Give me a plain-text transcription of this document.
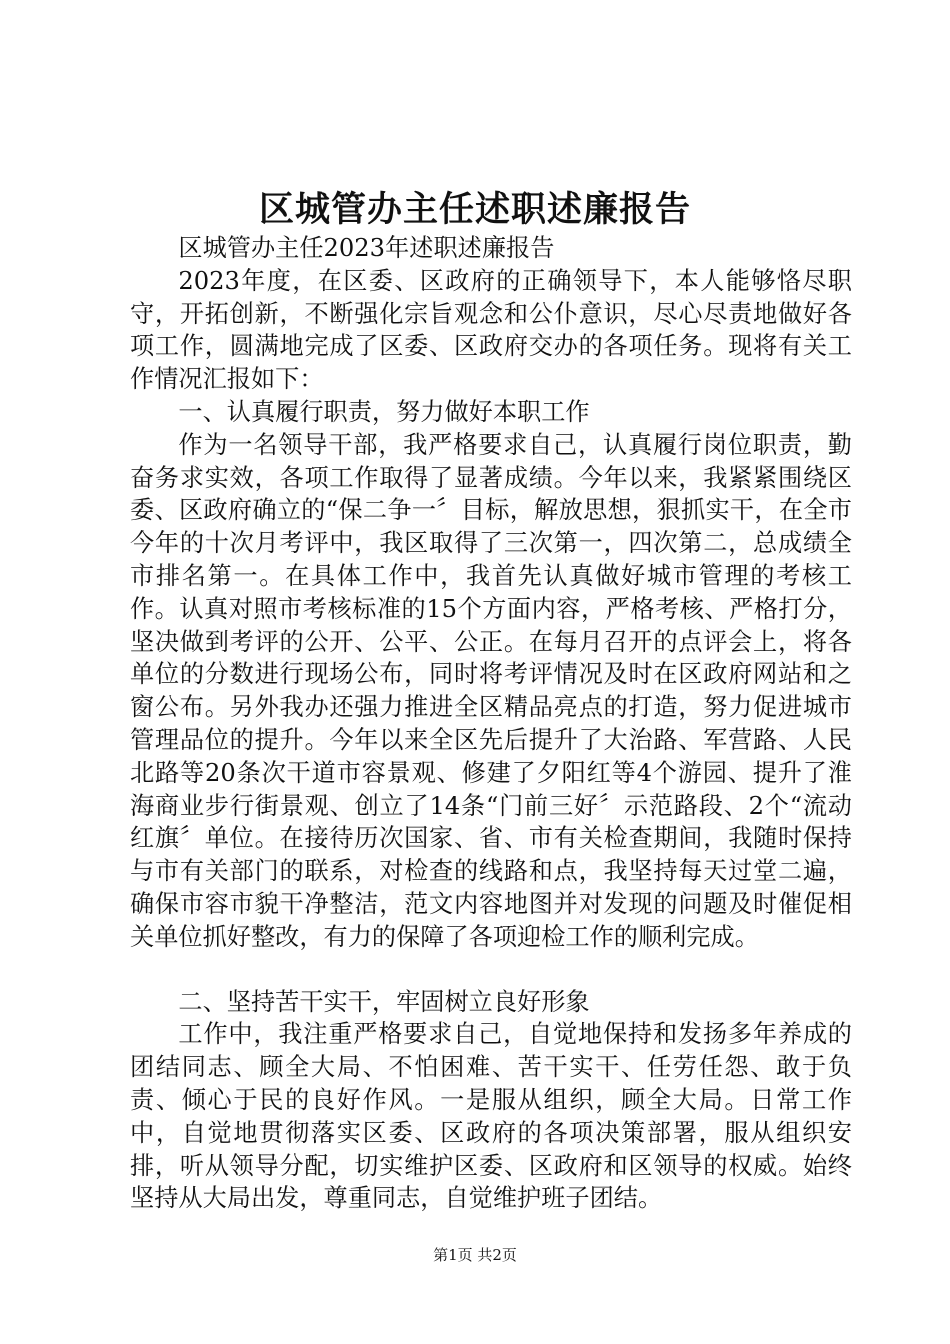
区城管办主任述职述廉报告

区城管办主任2023年述职述廉报告

2023年度，在区委、区政府的正确领导下，本人能够恪尽职守，开拓创新，不断强化宗旨观念和公仆意识，尽心尽责地做好各项工作，圆满地完成了区委、区政府交办的各项任务。现将有关工作情况汇报如下：

一、认真履行职责，努力做好本职工作

作为一名领导干部，我严格要求自己，认真履行岗位职责，勤奋务求实效，各项工作取得了显著成绩。今年以来，我紧紧围绕区委、区政府确立的“保二争一〞目标，解放思想，狠抓实干，在全市今年的十次月考评中，我区取得了三次第一，四次第二，总成绩全市排名第一。在具体工作中，我首先认真做好城市管理的考核工作。认真对照市考核标准的15个方面内容，严格考核、严格打分，坚决做到考评的公开、公平、公正。在每月召开的点评会上，将各单位的分数进行现场公布，同时将考评情况及时在区政府网站和之窗公布。另外我办还强力推进全区精品亮点的打造，努力促进城市管理品位的提升。今年以来全区先后提升了大治路、军营路、人民北路等20条次干道市容景观、修建了夕阳红等4个游园、提升了淮海商业步行街景观、创立了14条“门前三好〞示范路段、2个“流动红旗〞单位。在接待历次国家、省、市有关检查期间，我随时保持与市有关部门的联系，对检查的线路和点，我坚持每天过堂二遍，确保市容市貌干净整洁，范文内容地图并对发现的问题及时催促相关单位抓好整改，有力的保障了各项迎检工作的顺利完成。

二、坚持苦干实干，牢固树立良好形象

工作中，我注重严格要求自己，自觉地保持和发扬多年养成的团结同志、顾全大局、不怕困难、苦干实干、任劳任怨、敢于负责、倾心于民的良好作风。一是服从组织，顾全大局。日常工作中，自觉地贯彻落实区委、区政府的各项决策部署，服从组织安排，听从领导分配，切实维护区委、区政府和区领导的权威。始终坚持从大局出发，尊重同志，自觉维护班子团结。

第1页 共2页
